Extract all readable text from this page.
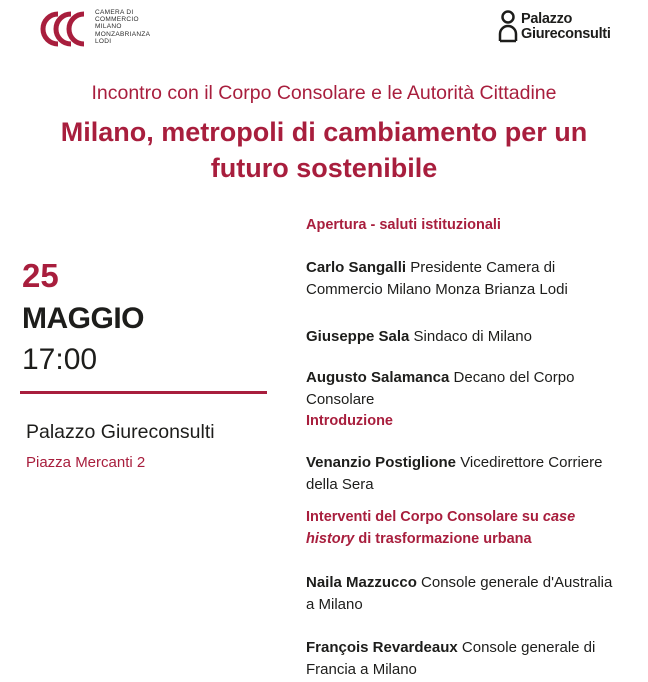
CAMERA DI
COMMERCIO
MILANO
MONZABRIANZA
LODI
Palazzo
Giureconsulti
Incontro con il Corpo Consolare e le Autorità Cittadine
Milano, metropoli di cambiamento per un
futuro sostenibile
25
MAGGIO
17:00
Palazzo Giureconsulti
Piazza Mercanti 2
Apertura - saluti istituzionali
Carlo Sangalli Presidente Camera di
Commercio Milano Monza Brianza Lodi
Giuseppe Sala Sindaco di Milano
Augusto Salamanca Decano del Corpo
Consolare
Introduzione
Venanzio Postiglione Vicedirettore Corriere
della Sera
Interventi del Corpo Consolare su case
history di trasformazione urbana
Naila Mazzucco Console generale d'Australia
a Milano
François Revardeaux Console generale di
Francia a Milano
